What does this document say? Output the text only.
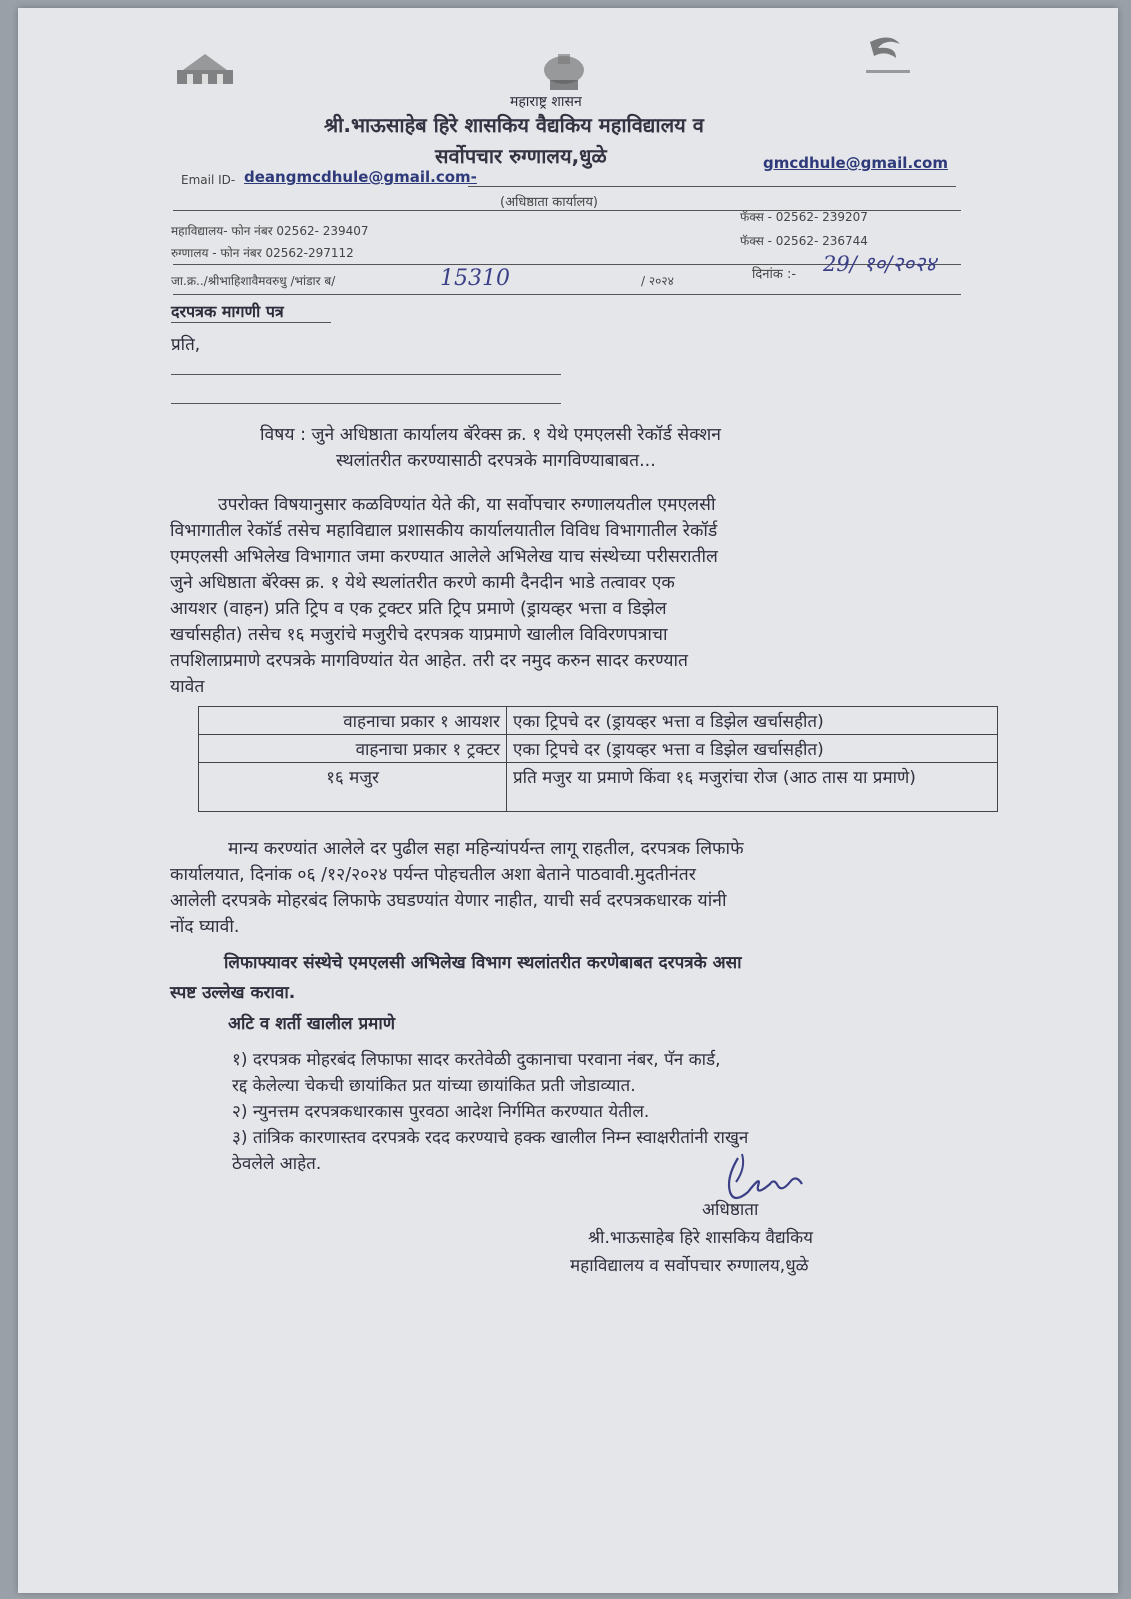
महाराष्ट्र शासन
श्री.भाऊसाहेब हिरे शासकिय वैद्यकिय महाविद्यालय व
सर्वोपचार रुग्णालय,धुळे
Email ID- deangmcdhule@gmail.com-
gmcdhule@gmail.com
(अधिष्ठाता कार्यालय)
महाविद्यालय- फोन नंबर 02562- 239407
रुग्णालय - फोन नंबर 02562-297112
फॅक्स - 02562- 239207
फॅक्स - 02562- 236744
जा.क्र../श्रीभाहिशावैमवरुधु /भांडार ब/	15310	/ २०२४	दिनांक :- 29/ १०/२०२४
दरपत्रक मागणी पत्र
प्रति,
विषय : जुने अधिष्ठाता कार्यालय बॅरेक्स क्र. १ येथे एमएलसी रेकॉर्ड सेक्शन
स्थलांतरीत करण्यासाठी दरपत्रके मागविण्याबाबत...
उपरोक्त विषयानुसार कळविण्यांत येते की, या सर्वोपचार रुग्णालयतील एमएलसी
विभागातील रेकॉर्ड तसेच महाविद्याल प्रशासकीय कार्यालयातील विविध विभागातील रेकॉर्ड
एमएलसी अभिलेख विभागात जमा करण्यात आलेले अभिलेख याच संस्थेच्या परीसरातील
जुने अधिष्ठाता बॅरेक्स क्र. १ येथे स्थलांतरीत करणे कामी दैनदीन भाडे तत्वावर एक
आयशर (वाहन) प्रति ट्रिप व एक ट्रक्टर प्रति ट्रिप प्रमाणे (ड्रायव्हर भत्ता व डिझेल
खर्चासहीत) तसेच १६ मजुरांचे मजुरीचे दरपत्रक याप्रमाणे खालील विविरणपत्राचा
तपशिलाप्रमाणे दरपत्रके मागविण्यांत येत आहेत. तरी दर नमुद करुन सादर करण्यात
यावेत
वाहनाचा प्रकार १ आयशर	एका ट्रिपचे दर (ड्रायव्हर भत्ता व डिझेल खर्चासहीत)
वाहनाचा प्रकार १ ट्रक्टर	एका ट्रिपचे दर (ड्रायव्हर भत्ता व डिझेल खर्चासहीत)
१६ मजुर	प्रति मजुर या प्रमाणे किंवा १६ मजुरांचा रोज (आठ तास या प्रमाणे)
मान्य करण्यांत आलेले दर पुढील सहा महिन्यांपर्यन्त लागू राहतील, दरपत्रक लिफाफे
कार्यालयात, दिनांक ०६ /१२/२०२४ पर्यन्त पोहचतील अशा बेताने पाठवावी.मुदतीनंतर
आलेली दरपत्रके मोहरबंद लिफाफे उघडण्यांत येणार नाहीत, याची सर्व दरपत्रकधारक यांनी
नोंद घ्यावी.
लिफाफ्यावर संस्थेचे एमएलसी अभिलेख विभाग स्थलांतरीत करणेबाबत दरपत्रके असा
स्पष्ट उल्लेख करावा.
अटि व शर्ती खालील प्रमाणे
१) दरपत्रक मोहरबंद लिफाफा सादर करतेवेळी दुकानाचा परवाना नंबर, पॅन कार्ड,
रद्द केलेल्या चेकची छायांकित प्रत यांच्या छायांकित प्रती जोडाव्यात.
२) न्युनत्तम दरपत्रकधारकास पुरवठा आदेश निर्गमित करण्यात येतील.
३) तांत्रिक कारणास्तव दरपत्रके रदद करण्याचे हक्क खालील निम्न स्वाक्षरीतांनी राखुन
ठेवलेले आहेत.
अधिष्ठाता
श्री.भाऊसाहेब हिरे शासकिय वैद्यकिय
महाविद्यालय व सर्वोपचार रुग्णालय,धुळे
